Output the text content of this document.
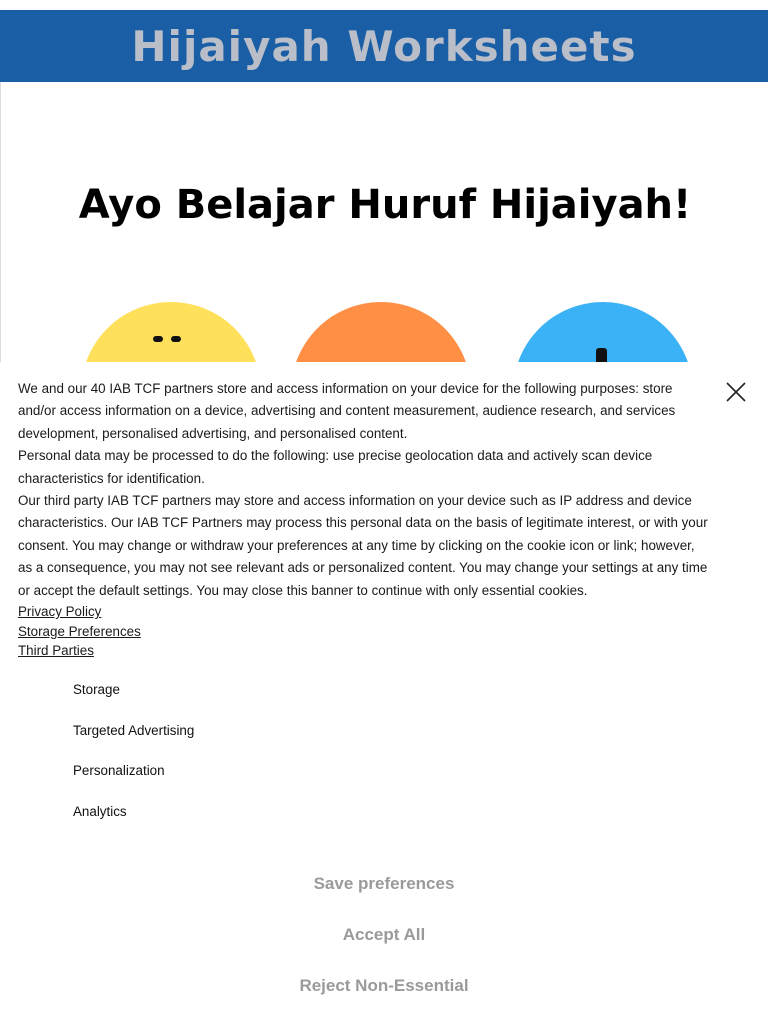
Hijaiyah Worksheets
Ayo Belajar Huruf Hijaiyah!

We and our 40 IAB TCF partners store and access information on your device for the following purposes: store and/or access information on a device, advertising and content measurement, audience research, and services development, personalised advertising, and personalised content.

Personal data may be processed to do the following: use precise geolocation data and actively scan device characteristics for identification.

Our third party IAB TCF partners may store and access information on your device such as IP address and device characteristics. Our IAB TCF Partners may process this personal data on the basis of legitimate interest, or with your consent. You may change or withdraw your preferences at any time by clicking on the cookie icon or link; however, as a consequence, you may not see relevant ads or personalized content. You may change your settings at any time or accept the default settings. You may close this banner to continue with only essential cookies.

Privacy Policy
Storage Preferences
Third Parties
Storage
Targeted Advertising
Personalization
Analytics
Save preferences
Accept All
Reject Non-Essential
